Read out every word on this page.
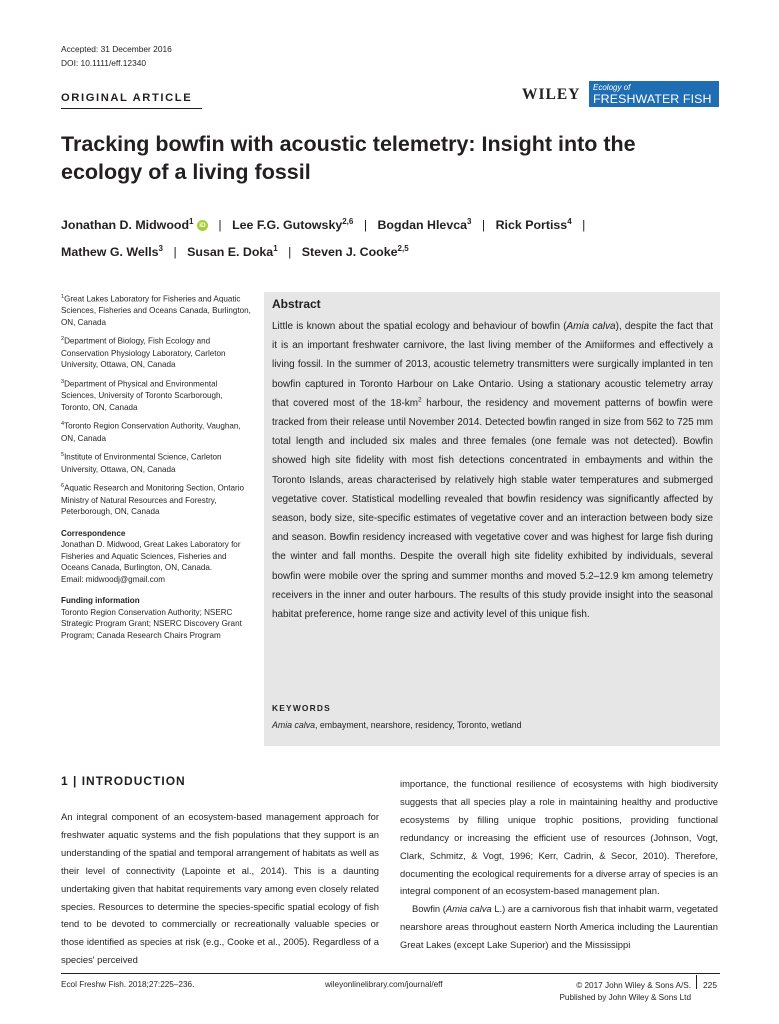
Accepted: 31 December 2016
DOI: 10.1111/eff.12340
ORIGINAL ARTICLE	WILEY Ecology of
FRESHWATER FISH
Tracking bowfin with acoustic telemetry: Insight into the ecology of a living fossil
Jonathan D. Midwood$^1$ iD | Lee F.G. Gutowsky$^{2,6}$ | Bogdan Hlevca$^3$ | Rick Portiss$^4$ |
Mathew G. Wells$^3$ | Susan E. Doka$^1$ | Steven J. Cooke$^{2,5}$

$^1$Great Lakes Laboratory for Fisheries and Aquatic Sciences, Fisheries and Oceans Canada, Burlington, ON, Canada

$^2$Department of Biology, Fish Ecology and Conservation Physiology Laboratory, Carleton University, Ottawa, ON, Canada

$^3$Department of Physical and Environmental Sciences, University of Toronto Scarborough, Toronto, ON, Canada

$^4$Toronto Region Conservation Authority, Vaughan, ON, Canada

$^5$Institute of Environmental Science, Carleton University, Ottawa, ON, Canada

$^6$Aquatic Research and Monitoring Section, Ontario Ministry of Natural Resources and Forestry, Peterborough, ON, Canada

Correspondence

Jonathan D. Midwood, Great Lakes Laboratory for Fisheries and Aquatic Sciences, Fisheries and Oceans Canada, Burlington, ON, Canada.

Email: midwoodj@gmail.com

Funding information

Toronto Region Conservation Authority; NSERC Strategic Program Grant; NSERC Discovery Grant Program; Canada Research Chairs Program

Abstract
Little is known about the spatial ecology and behaviour of bowfin (Amia calva), despite the fact that it is an important freshwater carnivore, the last living member of the Amiiformes and effectively a living fossil. In the summer of 2013, acoustic telemetry transmitters were surgically implanted in ten bowfin captured in Toronto Harbour on Lake Ontario. Using a stationary acoustic telemetry array that covered most of the $18-km^2$ harbour, the residency and movement patterns of bowfin were tracked from their release until November 2014. Detected bowfin ranged in size from 562 to 725 mm total length and included six males and three females (one female was not detected). Bowfin showed high site fidelity with most fish detections concentrated in embayments and within the Toronto Islands, areas characterised by relatively high stable water temperatures and submerged vegetative cover. Statistical modelling revealed that bowfin residency was significantly affected by season, body size, site-specific estimates of vegetative cover and an interaction between body size and season. Bowfin residency increased with vegetative cover and was highest for large fish during the winter and fall months. Despite the overall high site fidelity exhibited by individuals, several bowfin were mobile over the spring and summer months and moved 5.2–12.9 km among telemetry receivers in the inner and outer harbours. The results of this study provide insight into the seasonal habitat preference, home range size and activity level of this unique fish.
KEYWORDS
Amia calva, embayment, nearshore, residency, Toronto, wetland
1 | INTRODUCTION

An integral component of an ecosystem-based management approach for freshwater aquatic systems and the fish populations that they support is an understanding of the spatial and temporal arrangement of habitats as well as their level of connectivity (Lapointe et al., 2014). This is a daunting undertaking given that habitat requirements vary among even closely related species. Resources to determine the species-specific spatial ecology of fish tend to be devoted to commercially or recreationally valuable species or those identified as species at risk (e.g., Cooke et al., 2005). Regardless of a species' perceived

importance, the functional resilience of ecosystems with high biodiversity suggests that all species play a role in maintaining healthy and productive ecosystems by filling unique trophic positions, providing functional redundancy or increasing the efficient use of resources (Johnson, Vogt, Clark, Schmitz, & Vogt, 1996; Kerr, Cadrin, & Secor, 2010). Therefore, documenting the ecological requirements for a diverse array of species is an integral component of an ecosystem-based management plan.

Bowfin (Amia calva L.) are a carnivorous fish that inhabit warm, vegetated nearshore areas throughout eastern North America including the Laurentian Great Lakes (except Lake Superior) and the Mississippi

Ecol Freshw Fish. 2018;27:225–236.	wileyonlinelibrary.com/journal/eff	© 2017 John Wiley & Sons A/S.
Published by John Wiley & Sons Ltd
225
